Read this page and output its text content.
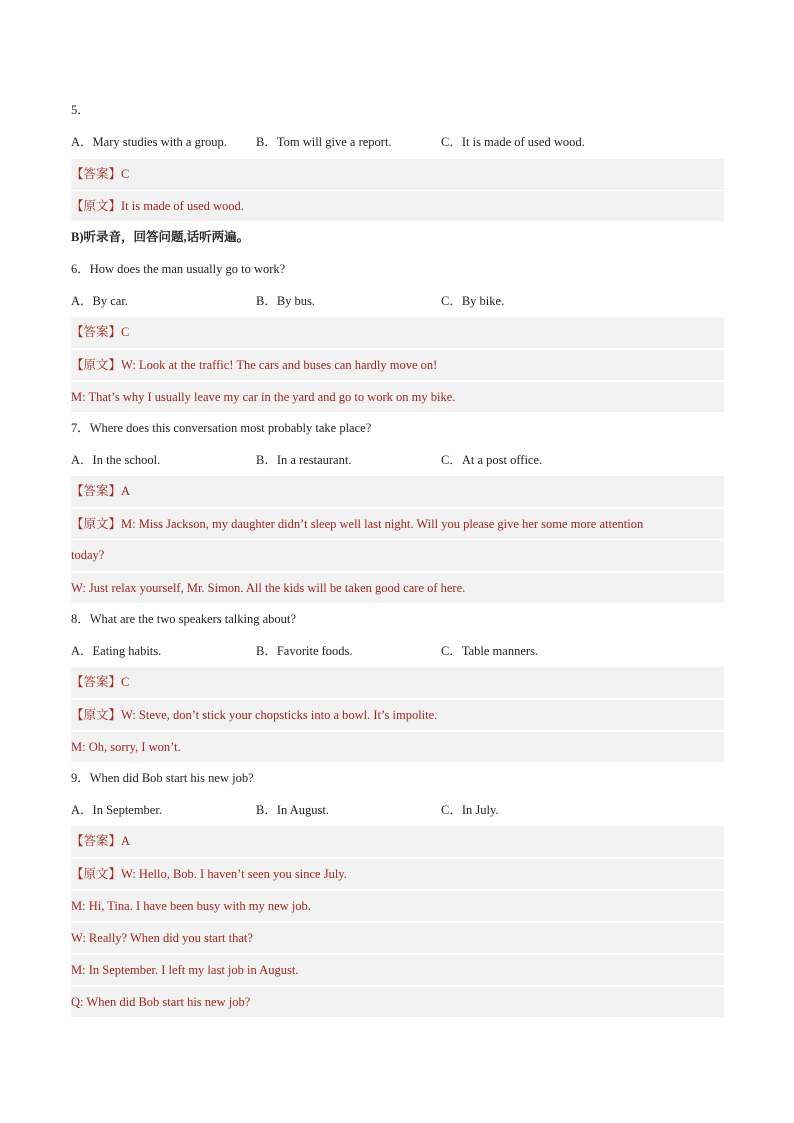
5．
A．Mary studies with a group. B．Tom will give a report.	C．It is made of used wood.
【答案】C
【原文】It is made of used wood.
B)听录音，回答问题,话听两遍。
6．How does the man usually go to work?
A．By car.	B．By bus.	C．By bike.
【答案】C
【原文】W: Look at the traffic! The cars and buses can hardly move on!
M: That’s why I usually leave my car in the yard and go to work on my bike.
7．Where does this conversation most probably take place?
A．In the school.	B．In a restaurant.	C．At a post office.
【答案】A
【原文】M: Miss Jackson, my daughter didn’t sleep well last night. Will you please give her some more attention
today?
W: Just relax yourself, Mr. Simon. All the kids will be taken good care of here.
8．What are the two speakers talking about?
A．Eating habits.	B．Favorite foods.	C．Table manners.
【答案】C
【原文】W: Steve, don’t stick your chopsticks into a bowl. It’s impolite.
M: Oh, sorry, I won’t.
9．When did Bob start his new job?
A．In September.	B．In August.	C．In July.
【答案】A
【原文】W: Hello, Bob. I haven’t seen you since July.
M: Hi, Tina. I have been busy with my new job.
W: Really? When did you start that?
M: In September. I left my last job in August.
Q: When did Bob start his new job?
